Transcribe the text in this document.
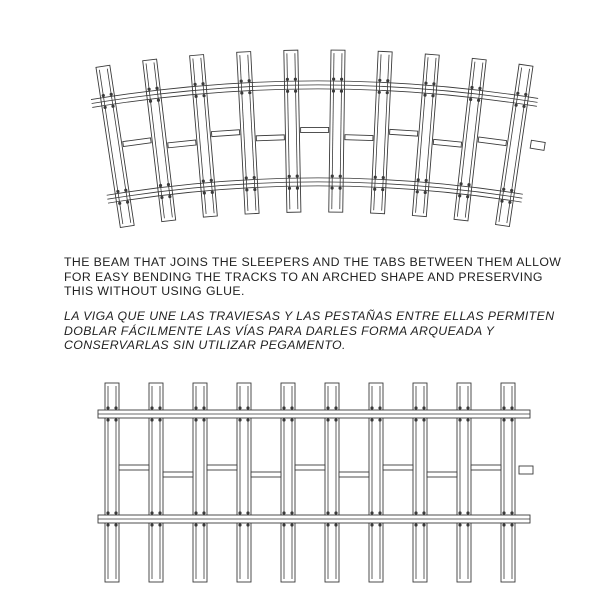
THE BEAM THAT JOINS THE SLEEPERS AND THE TABS BETWEEN THEM ALLOW FOR EASY BENDING THE TRACKS TO AN ARCHED SHAPE AND PRESERVING THIS WITHOUT USING GLUE.

LA VIGA QUE UNE LAS TRAVIESAS Y LAS PESTAÑAS ENTRE ELLAS PERMITEN DOBLAR FÁCILMENTE LAS VÍAS PARA DARLES FORMA ARQUEADA Y CONSERVARLAS SIN UTILIZAR PEGAMENTO.
